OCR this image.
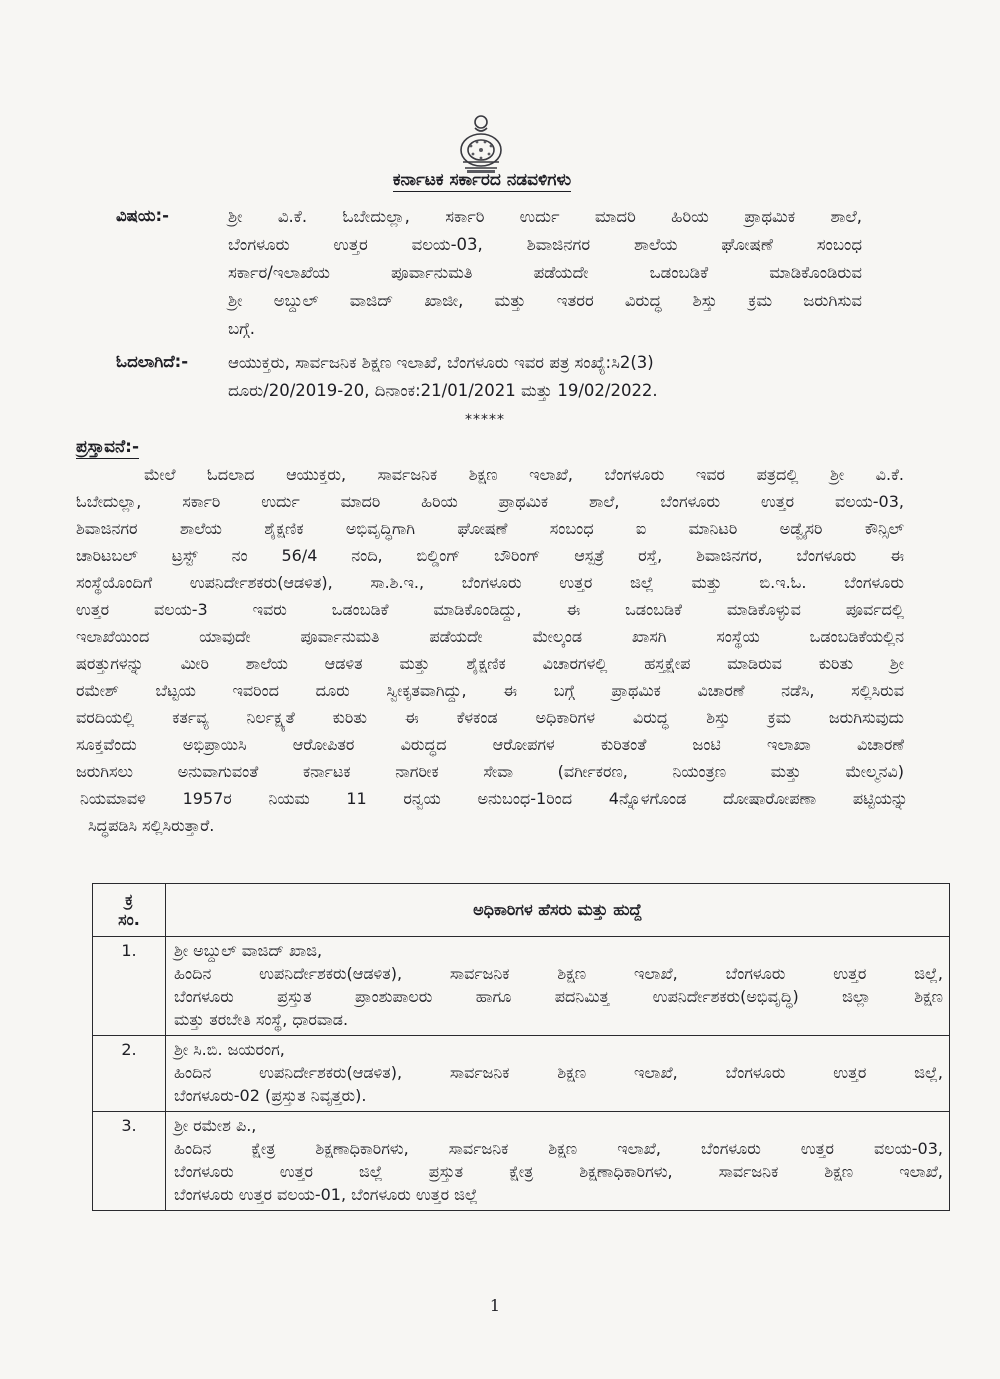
ಕರ್ನಾಟಕ ಸರ್ಕಾರದ ನಡವಳಿಗಳು
ವಿಷಯ:-	ಶ್ರೀ ವಿ.ಕೆ. ಓಬೇದುಲ್ಲಾ, ಸರ್ಕಾರಿ ಉರ್ದು ಮಾದರಿ ಹಿರಿಯ ಪ್ರಾಥಮಿಕ ಶಾಲೆ,
ಬೆಂಗಳೂರು ಉತ್ತರ ವಲಯ-03, ಶಿವಾಜಿನಗರ ಶಾಲೆಯ ಘೋಷಣೆ ಸಂಬಂಧ
ಸರ್ಕಾರ/ಇಲಾಖೆಯ ಪೂರ್ವಾನುಮತಿ ಪಡೆಯದೇ ಒಡಂಬಡಿಕೆ ಮಾಡಿಕೊಂಡಿರುವ
ಶ್ರೀ ಅಬ್ದುಲ್ ವಾಜಿದ್ ಖಾಜೀ, ಮತ್ತು ಇತರರ ವಿರುದ್ಧ ಶಿಸ್ತು ಕ್ರಮ ಜರುಗಿಸುವ
ಬಗ್ಗೆ.
ಓದಲಾಗಿದೆ:- ಆಯುಕ್ತರು, ಸಾರ್ವಜನಿಕ ಶಿಕ್ಷಣ ಇಲಾಖೆ, ಬೆಂಗಳೂರು ಇವರ ಪತ್ರ ಸಂಖ್ಯೆ:ಸಿ2(3)
ದೂರು/20/2019-20, ದಿನಾಂಕ:21/01/2021 ಮತ್ತು 19/02/2022.
*****
ಪ್ರಸ್ತಾವನೆ:-
ಮೇಲೆ ಓದಲಾದ ಆಯುಕ್ತರು, ಸಾರ್ವಜನಿಕ ಶಿಕ್ಷಣ ಇಲಾಖೆ, ಬೆಂಗಳೂರು ಇವರ ಪತ್ರದಲ್ಲಿ ಶ್ರೀ ವಿ.ಕೆ.
ಓಬೇದುಲ್ಲಾ, ಸರ್ಕಾರಿ ಉರ್ದು ಮಾದರಿ ಹಿರಿಯ ಪ್ರಾಥಮಿಕ ಶಾಲೆ, ಬೆಂಗಳೂರು ಉತ್ತರ ವಲಯ-03,
ಶಿವಾಜಿನಗರ ಶಾಲೆಯ ಶೈಕ್ಷಣಿಕ ಅಭಿವೃದ್ಧಿಗಾಗಿ ಘೋಷಣೆ ಸಂಬಂಧ ಐ ಮಾನಿಟರಿ ಅಡ್ವೈಸರಿ ಕೌನ್ಸಿಲ್
ಚಾರಿಟಬಲ್ ಟ್ರಸ್ಟ್ ನಂ 56/4 ನಂದಿ, ಬಿಲ್ಡಿಂಗ್ ಬೌರಿಂಗ್ ಆಸ್ಪತ್ರೆ ರಸ್ತೆ, ಶಿವಾಜಿನಗರ, ಬೆಂಗಳೂರು ಈ
ಸಂಸ್ಥೆಯೊಂದಿಗೆ ಉಪನಿರ್ದೇಶಕರು(ಆಡಳಿತ), ಸಾ.ಶಿ.ಇ., ಬೆಂಗಳೂರು ಉತ್ತರ ಜಿಲ್ಲೆ ಮತ್ತು ಬಿ.ಇ.ಓ. ಬೆಂಗಳೂರು
ಉತ್ತರ ವಲಯ-3 ಇವರು ಒಡಂಬಡಿಕೆ ಮಾಡಿಕೊಂಡಿದ್ದು, ಈ ಒಡಂಬಡಿಕೆ ಮಾಡಿಕೊಳ್ಳುವ ಪೂರ್ವದಲ್ಲಿ
ಇಲಾಖೆಯಿಂದ ಯಾವುದೇ ಪೂರ್ವಾನುಮತಿ ಪಡೆಯದೇ ಮೇಲ್ಕಂಡ ಖಾಸಗಿ ಸಂಸ್ಥೆಯ ಒಡಂಬಡಿಕೆಯಲ್ಲಿನ
ಷರತ್ತುಗಳನ್ನು ಮೀರಿ ಶಾಲೆಯ ಆಡಳಿತ ಮತ್ತು ಶೈಕ್ಷಣಿಕ ವಿಚಾರಗಳಲ್ಲಿ ಹಸ್ತಕ್ಷೇಪ ಮಾಡಿರುವ ಕುರಿತು ಶ್ರೀ
ರಮೇಶ್ ಬೆಟ್ಟಯ ಇವರಿಂದ ದೂರು ಸ್ವೀಕೃತವಾಗಿದ್ದು, ಈ ಬಗ್ಗೆ ಪ್ರಾಥಮಿಕ ವಿಚಾರಣೆ ನಡೆಸಿ, ಸಲ್ಲಿಸಿರುವ
ವರದಿಯಲ್ಲಿ ಕರ್ತವ್ಯ ನಿರ್ಲಕ್ಷ್ಯತೆ ಕುರಿತು ಈ ಕೆಳಕಂಡ ಅಧಿಕಾರಿಗಳ ವಿರುದ್ಧ ಶಿಸ್ತು ಕ್ರಮ ಜರುಗಿಸುವುದು
ಸೂಕ್ತವೆಂದು ಅಭಿಪ್ರಾಯಿಸಿ ಆರೋಪಿತರ ವಿರುದ್ಧದ ಆರೋಪಗಳ ಕುರಿತಂತೆ ಜಂಟಿ ಇಲಾಖಾ ವಿಚಾರಣೆ
ಜರುಗಿಸಲು ಅನುವಾಗುವಂತೆ ಕರ್ನಾಟಕ ನಾಗರೀಕ ಸೇವಾ (ವರ್ಗೀಕರಣ, ನಿಯಂತ್ರಣ ಮತ್ತು ಮೇಲ್ಮನವಿ)
ನಿಯಮಾವಳಿ 1957ರ ನಿಯಮ 11 ರನ್ವಯ ಅನುಬಂಧ-1ರಿಂದ 4ನ್ನೊಳಗೊಂಡ ದೋಷಾರೋಪಣಾ ಪಟ್ಟಿಯನ್ನು
ಸಿದ್ಧಪಡಿಸಿ ಸಲ್ಲಿಸಿರುತ್ತಾರೆ.
ಕ್ರ
ಸಂ.	ಅಧಿಕಾರಿಗಳ ಹೆಸರು ಮತ್ತು ಹುದ್ದೆ
1.	ಶ್ರೀ ಅಬ್ದುಲ್ ವಾಜಿದ್ ಖಾಜಿ,
ಹಿಂದಿನ ಉಪನಿರ್ದೇಶಕರು(ಆಡಳಿತ), ಸಾರ್ವಜನಿಕ ಶಿಕ್ಷಣ ಇಲಾಖೆ, ಬೆಂಗಳೂರು ಉತ್ತರ ಜಿಲ್ಲೆ,
ಬೆಂಗಳೂರು ಪ್ರಸ್ತುತ ಪ್ರಾಂಶುಪಾಲರು ಹಾಗೂ ಪದನಿಮಿತ್ತ ಉಪನಿರ್ದೇಶಕರು(ಅಭಿವೃದ್ಧಿ) ಜಿಲ್ಲಾ ಶಿಕ್ಷಣ
ಮತ್ತು ತರಬೇತಿ ಸಂಸ್ಥೆ, ಧಾರವಾಡ.

2.	ಶ್ರೀ ಸಿ.ಬಿ. ಜಯರಂಗ,
ಹಿಂದಿನ ಉಪನಿರ್ದೇಶಕರು(ಆಡಳಿತ), ಸಾರ್ವಜನಿಕ ಶಿಕ್ಷಣ ಇಲಾಖೆ, ಬೆಂಗಳೂರು ಉತ್ತರ ಜಿಲ್ಲೆ,
ಬೆಂಗಳೂರು-02 (ಪ್ರಸ್ತುತ ನಿವೃತ್ತರು).

3.	ಶ್ರೀ ರಮೇಶ ಪಿ.,
ಹಿಂದಿನ ಕ್ಷೇತ್ರ ಶಿಕ್ಷಣಾಧಿಕಾರಿಗಳು, ಸಾರ್ವಜನಿಕ ಶಿಕ್ಷಣ ಇಲಾಖೆ, ಬೆಂಗಳೂರು ಉತ್ತರ ವಲಯ-03,
ಬೆಂಗಳೂರು ಉತ್ತರ ಜಿಲ್ಲೆ ಪ್ರಸ್ತುತ ಕ್ಷೇತ್ರ ಶಿಕ್ಷಣಾಧಿಕಾರಿಗಳು, ಸಾರ್ವಜನಿಕ ಶಿಕ್ಷಣ ಇಲಾಖೆ,
ಬೆಂಗಳೂರು ಉತ್ತರ ವಲಯ-01, ಬೆಂಗಳೂರು ಉತ್ತರ ಜಿಲ್ಲೆ
1
